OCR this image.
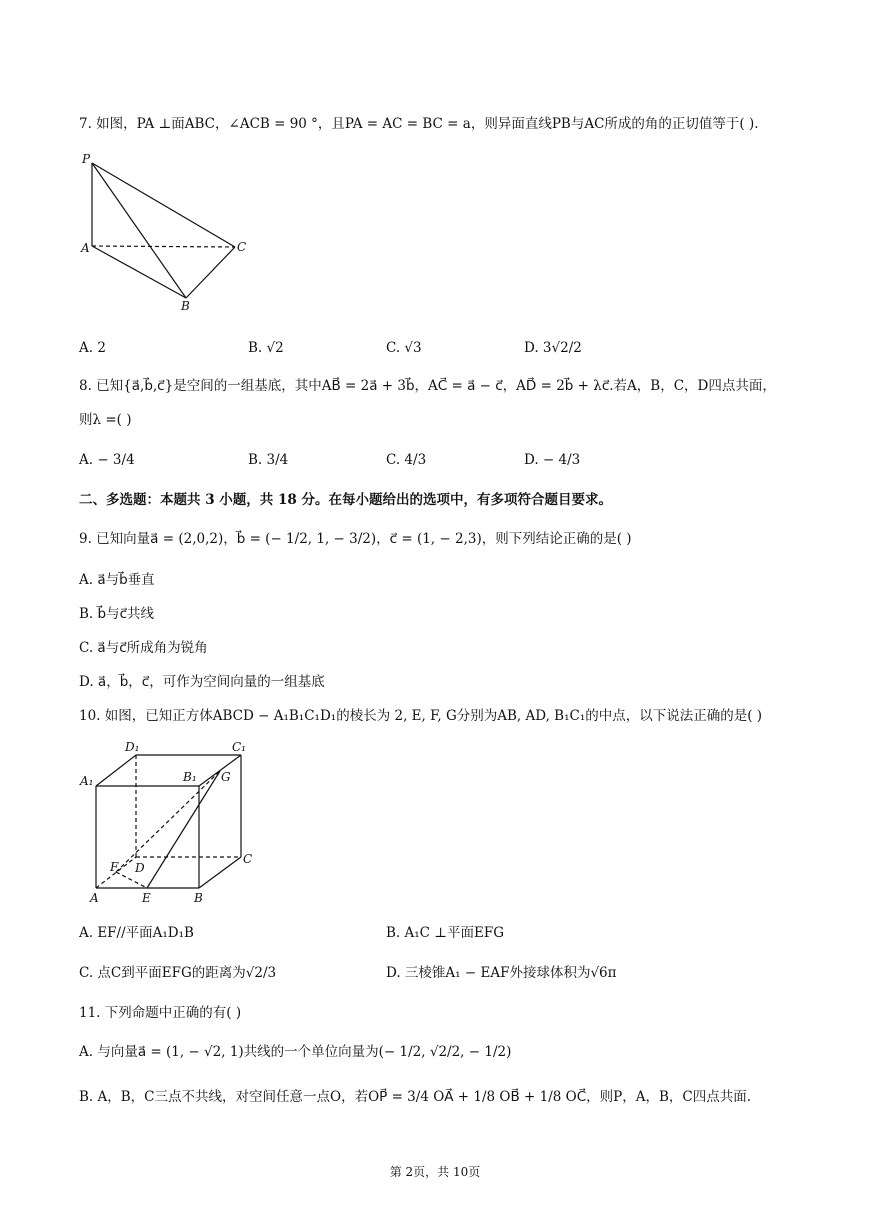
7. 如图，PA ⊥面ABC，∠ACB = 90 °，且PA = AC = BC = a，则异面直线PB与AC所成的角的正切值等于( ).
P
A	C
B
A. 2	B. √2	C. √3	D. 3√2/2
8. 已知{a⃗,b⃗,c⃗}是空间的一组基底，其中AB⃗ = 2a⃗ + 3b⃗，AC⃗ = a⃗ − c⃗，AD⃗ = 2b⃗ + λc⃗.若A，B，C，D四点共面，
则λ =( )
A. − 3/4	B. 3/4	C. 4/3	D. − 4/3
二、多选题：本题共 3 小题，共 18 分。在每小题给出的选项中，有多项符合题目要求。
9. 已知向量a⃗ = (2,0,2)，b⃗ = (− 1/2, 1, − 3/2)，c⃗ = (1, − 2,3)，则下列结论正确的是( )
A. a⃗与b⃗垂直
B. b⃗与c⃗共线
C. a⃗与c⃗所成角为锐角
D. a⃗，b⃗，c⃗，可作为空间向量的一组基底
10. 如图，已知正方体ABCD − A₁B₁C₁D₁的棱长为 2, E, F, G分别为AB, AD, B₁C₁的中点，以下说法正确的是( )
D₁	C₁
A₁	B₁ G
F D
C
A	E	B
A. EF//平面A₁D₁B	B. A₁C ⊥平面EFG
C. 点C到平面EFG的距离为√2/3	D. 三棱锥A₁ − EAF外接球体积为√6π
11. 下列命题中正确的有( )
A. 与向量a⃗ = (1, − √2, 1)共线的一个单位向量为(− 1/2, √2/2, − 1/2)
B. A，B，C三点不共线，对空间任意一点O，若OP⃗ = 3/4 OA⃗ + 1/8 OB⃗ + 1/8 OC⃗，则P，A，B，C四点共面.
第 2页，共 10页
